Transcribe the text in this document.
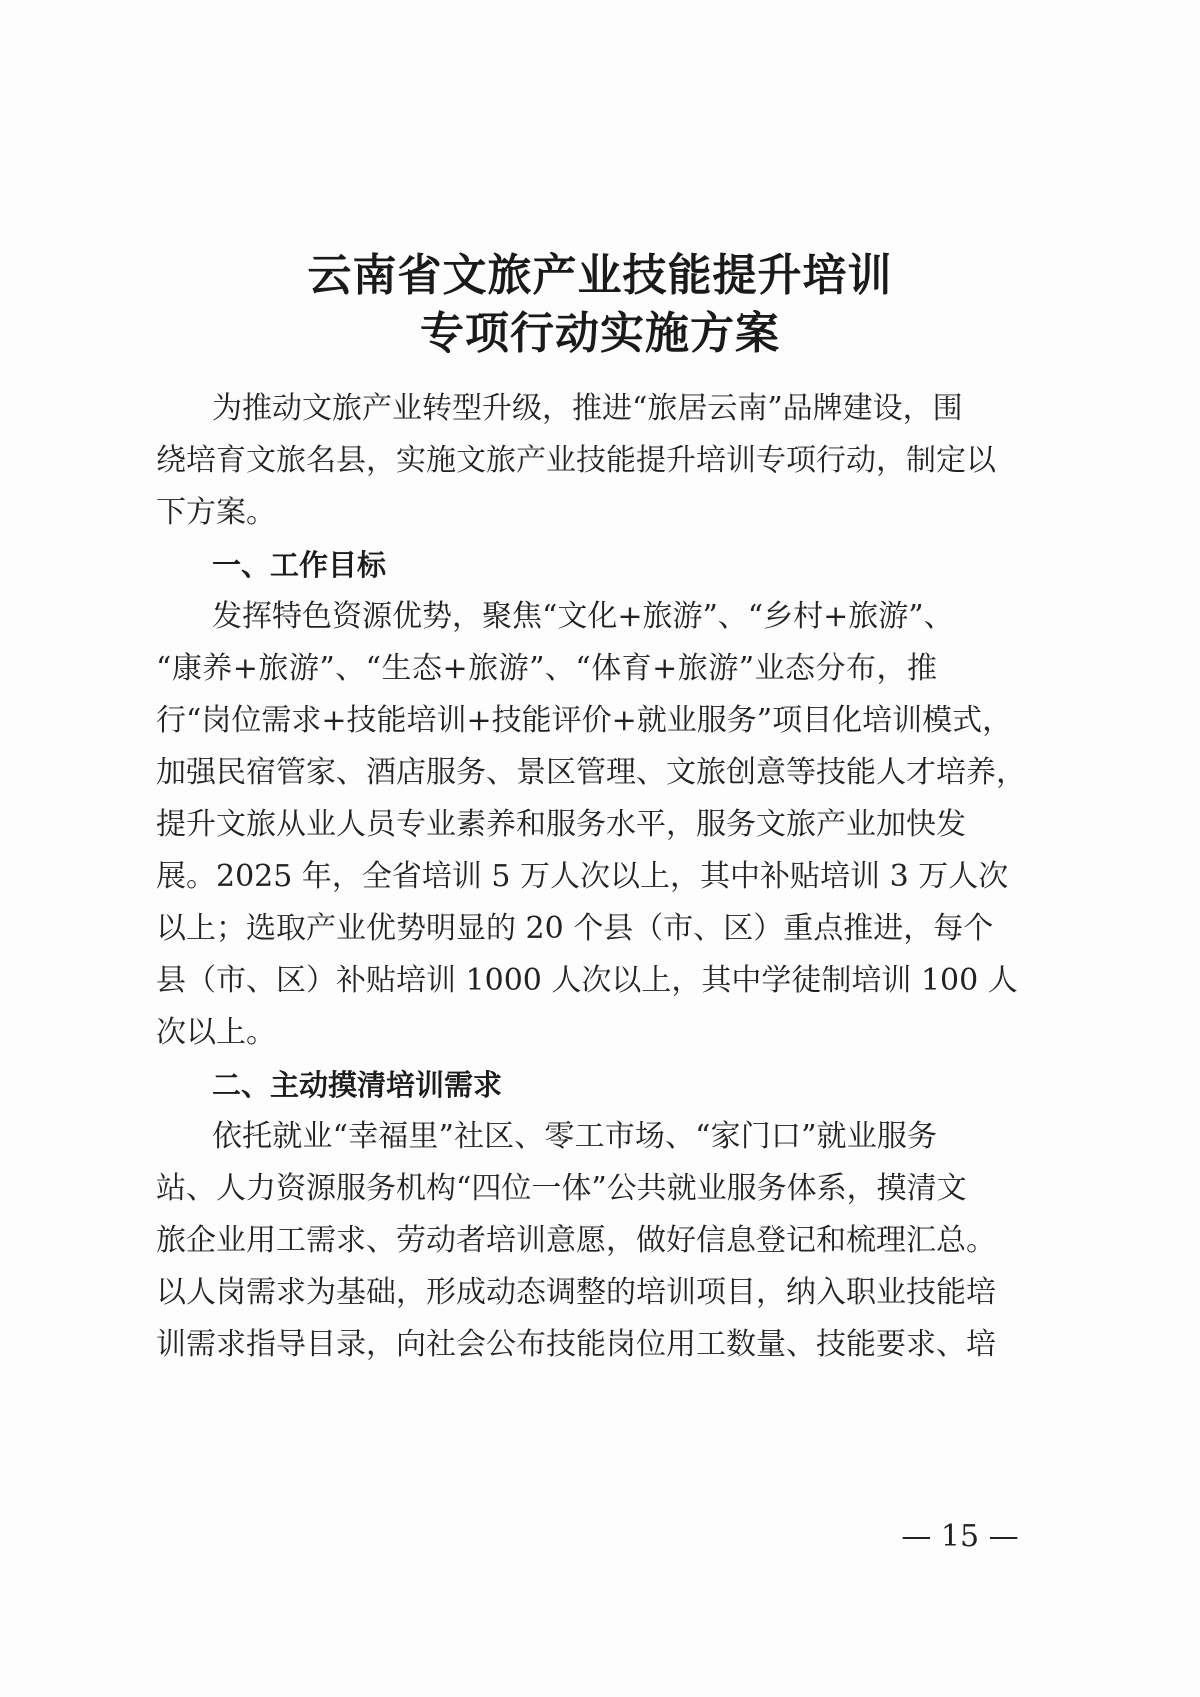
云南省文旅产业技能提升培训
专项行动实施方案
为推动文旅产业转型升级，推进“旅居云南”品牌建设，围
绕培育文旅名县，实施文旅产业技能提升培训专项行动，制定以
下方案。
一、工作目标
发挥特色资源优势，聚焦“文化+旅游”、“乡村+旅游”、
“康养+旅游”、“生态+旅游”、“体育+旅游”业态分布，推
行“岗位需求+技能培训+技能评价+就业服务”项目化培训模式，
加强民宿管家、酒店服务、景区管理、文旅创意等技能人才培养，
提升文旅从业人员专业素养和服务水平，服务文旅产业加快发
展。2025 年，全省培训 5 万人次以上，其中补贴培训 3 万人次
以上；选取产业优势明显的 20 个县（市、区）重点推进，每个
县（市、区）补贴培训 1000 人次以上，其中学徒制培训 100 人
次以上。
二、主动摸清培训需求
依托就业“幸福里”社区、零工市场、“家门口”就业服务
站、人力资源服务机构“四位一体”公共就业服务体系，摸清文
旅企业用工需求、劳动者培训意愿，做好信息登记和梳理汇总。
以人岗需求为基础，形成动态调整的培训项目，纳入职业技能培
训需求指导目录，向社会公布技能岗位用工数量、技能要求、培
— 15 —
